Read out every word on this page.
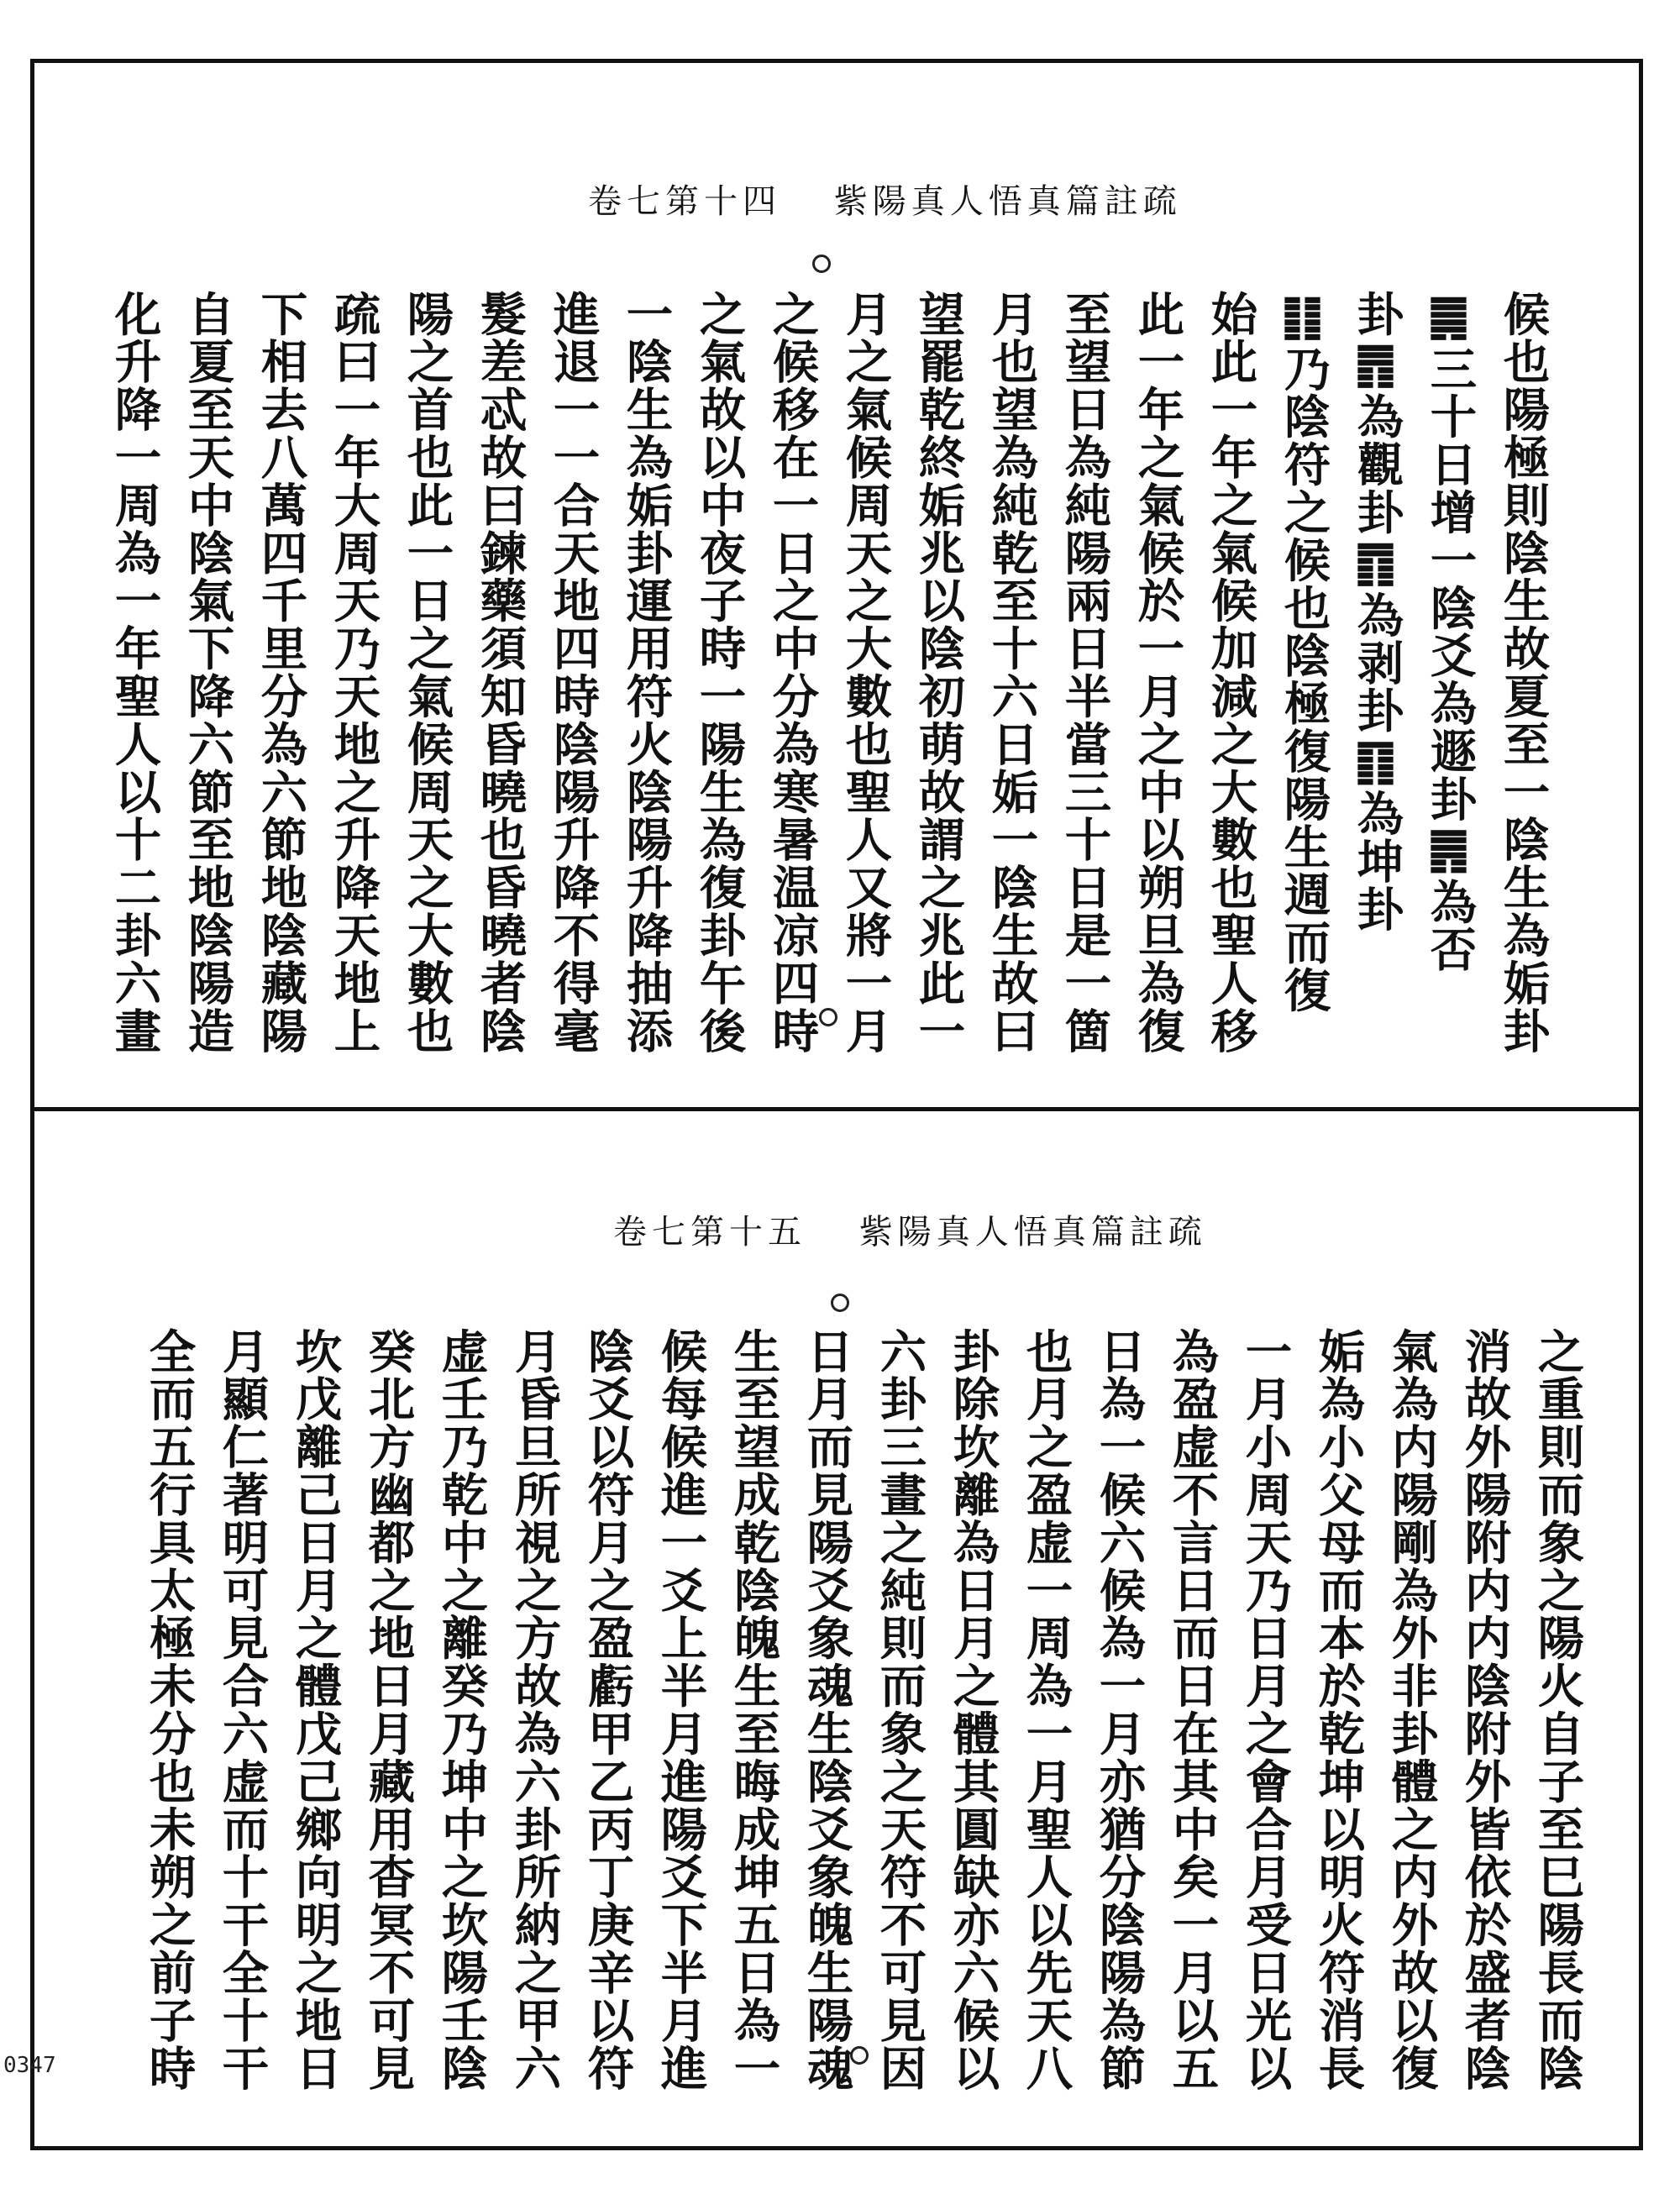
卷七第十四 紫陽真人悟真篇註疏
候也陽極則陰生故夏至一陰生為姤卦
䷫三十日增一陰爻為遯卦䷠為否
卦䷋為觀卦䷓為剥卦䷖為坤卦
䷁乃陰符之候也陰極復陽生週而復
始此一年之氣候加減之大數也聖人移
此一年之氣候於一月之中以朔旦為復
至望日為純陽兩日半當三十日是一箇
月也望為純乾至十六日姤一陰生故曰
望罷乾終姤兆以陰初萌故謂之兆此一
月之氣候周天之大數也聖人又將一月
之候移在一日之中分為寒暑温凉四時
之氣故以中夜子時一陽生為復卦午後
一陰生為姤卦運用符火陰陽升降抽添
進退一一合天地四時陰陽升降不得毫
髮差忒故曰鍊藥須知昏曉也昏曉者陰
陽之首也此一日之氣候周天之大數也
疏曰一年大周天乃天地之升降天地上
下相去八萬四千里分為六節地陰藏陽
自夏至天中陰氣下降六節至地陰陽造
化升降一周為一年聖人以十二卦六畫
卷七第十五 紫陽真人悟真篇註疏
之重則而象之陽火自子至巳陽長而陰
消故外陽附内内陰附外皆依於盛者陰
氣為内陽剛為外非卦體之内外故以復
姤為小父母而本於乾坤以明火符消長
一月小周天乃日月之會合月受日光以
為盈虚不言日而日在其中矣一月以五
日為一候六候為一月亦猶分陰陽為節
也月之盈虚一周為一月聖人以先天八
卦除坎離為日月之體其圓缺亦六候以
六卦三畫之純則而象之天符不可見因
日月而見陽爻象魂生陰爻象魄生陽魂
生至望成乾陰魄生至晦成坤五日為一
候每候進一爻上半月進陽爻下半月進
陰爻以符月之盈虧甲乙丙丁庚辛以符
月昏旦所視之方故為六卦所納之甲六
虚壬乃乾中之離癸乃坤中之坎陽壬陰
癸北方幽都之地日月藏用杳冥不可見
坎戊離己日月之體戊己鄉向明之地日
月顯仁著明可見合六虚而十干全十干
全而五行具太極未分也未朔之前子時
0347
